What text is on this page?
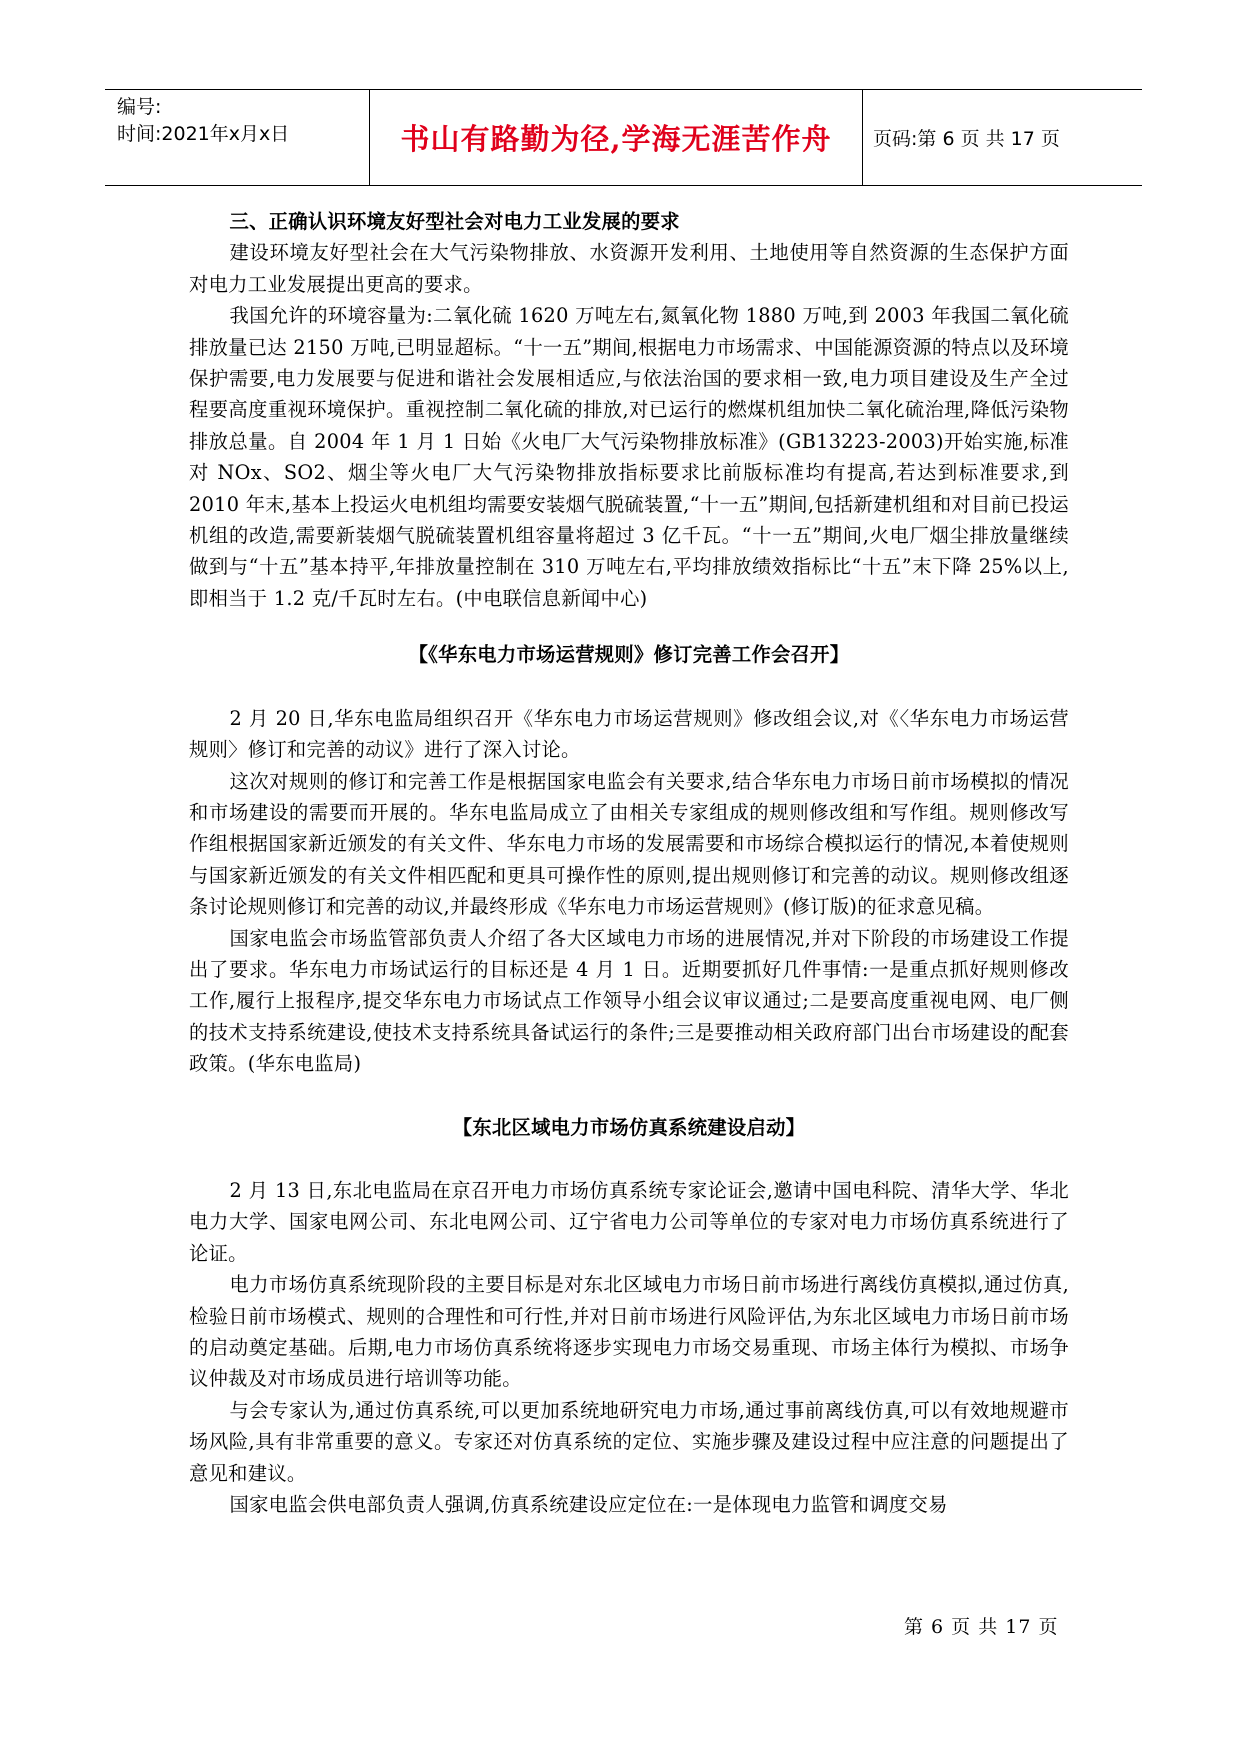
编号:
时间:2021年x月x日	书山有路勤为径,学海无涯苦作舟	页码:第 6 页 共 17 页
三、正确认识环境友好型社会对电力工业发展的要求

建设环境友好型社会在大气污染物排放、水资源开发利用、土地使用等自然资源的生态保护方面对电力工业发展提出更高的要求。

我国允许的环境容量为:二氧化硫 1620 万吨左右,氮氧化物 1880 万吨,到 2003 年我国二氧化硫排放量已达 2150 万吨,已明显超标。“十一五”期间,根据电力市场需求、中国能源资源的特点以及环境保护需要,电力发展要与促进和谐社会发展相适应,与依法治国的要求相一致,电力项目建设及生产全过程要高度重视环境保护。重视控制二氧化硫的排放,对已运行的燃煤机组加快二氧化硫治理,降低污染物排放总量。自 2004 年 1 月 1 日始《火电厂大气污染物排放标准》(GB13223-2003)开始实施,标准对 NOx、SO2、烟尘等火电厂大气污染物排放指标要求比前版标准均有提高,若达到标准要求,到 2010 年末,基本上投运火电机组均需要安装烟气脱硫装置,“十一五”期间,包括新建机组和对目前已投运机组的改造,需要新装烟气脱硫装置机组容量将超过 3 亿千瓦。“十一五”期间,火电厂烟尘排放量继续做到与“十五”基本持平,年排放量控制在 310 万吨左右,平均排放绩效指标比“十五”末下降 25%以上,即相当于 1.2 克/千瓦时左右。(中电联信息新闻中心)

【《华东电力市场运营规则》修订完善工作会召开】

2 月 20 日,华东电监局组织召开《华东电力市场运营规则》修改组会议,对《〈华东电力市场运营规则〉修订和完善的动议》进行了深入讨论。

这次对规则的修订和完善工作是根据国家电监会有关要求,结合华东电力市场日前市场模拟的情况和市场建设的需要而开展的。华东电监局成立了由相关专家组成的规则修改组和写作组。规则修改写作组根据国家新近颁发的有关文件、华东电力市场的发展需要和市场综合模拟运行的情况,本着使规则与国家新近颁发的有关文件相匹配和更具可操作性的原则,提出规则修订和完善的动议。规则修改组逐条讨论规则修订和完善的动议,并最终形成《华东电力市场运营规则》(修订版)的征求意见稿。

国家电监会市场监管部负责人介绍了各大区域电力市场的进展情况,并对下阶段的市场建设工作提出了要求。华东电力市场试运行的目标还是 4 月 1 日。近期要抓好几件事情:一是重点抓好规则修改工作,履行上报程序,提交华东电力市场试点工作领导小组会议审议通过;二是要高度重视电网、电厂侧的技术支持系统建设,使技术支持系统具备试运行的条件;三是要推动相关政府部门出台市场建设的配套政策。(华东电监局)

【东北区域电力市场仿真系统建设启动】

2 月 13 日,东北电监局在京召开电力市场仿真系统专家论证会,邀请中国电科院、清华大学、华北电力大学、国家电网公司、东北电网公司、辽宁省电力公司等单位的专家对电力市场仿真系统进行了论证。

电力市场仿真系统现阶段的主要目标是对东北区域电力市场日前市场进行离线仿真模拟,通过仿真,检验日前市场模式、规则的合理性和可行性,并对日前市场进行风险评估,为东北区域电力市场日前市场的启动奠定基础。后期,电力市场仿真系统将逐步实现电力市场交易重现、市场主体行为模拟、市场争议仲裁及对市场成员进行培训等功能。

与会专家认为,通过仿真系统,可以更加系统地研究电力市场,通过事前离线仿真,可以有效地规避市场风险,具有非常重要的意义。专家还对仿真系统的定位、实施步骤及建设过程中应注意的问题提出了意见和建议。

国家电监会供电部负责人强调,仿真系统建设应定位在:一是体现电力监管和调度交易

第 6 页 共 17 页
